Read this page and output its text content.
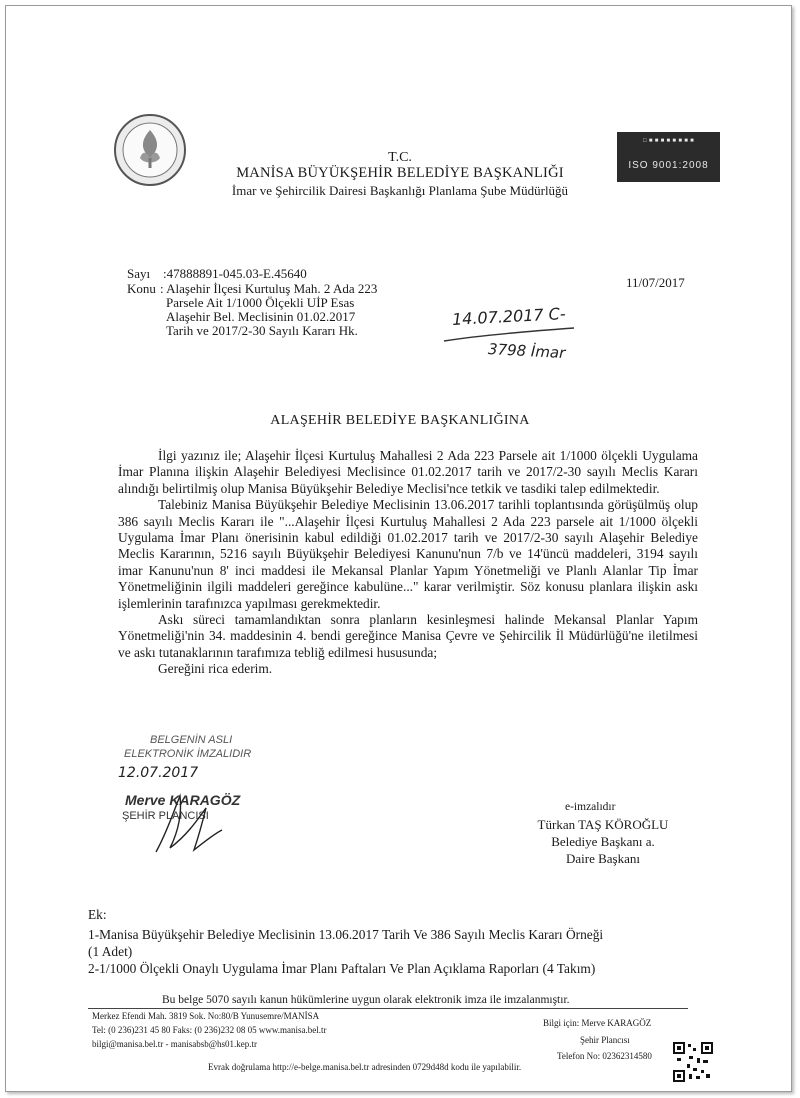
□ ■ ■ ■ ■ ■ ■ ■ ■
ISO 9001:2008
T.C.
MANİSA BÜYÜKŞEHİR BELEDİYE BAŞKANLIĞI
İmar ve Şehircilik Dairesi Başkanlığı Planlama Şube Müdürlüğü
Sayı :47888891-045.03-E.45640
11/07/2017
Konu : Alaşehir İlçesi Kurtuluş Mah. 2 Ada 223
Parsele Ait 1/1000 Ölçekli UİP Esas
Alaşehir Bel. Meclisinin 01.02.2017
Tarih ve 2017/2-30 Sayılı Kararı Hk.
14.07.2017 C-
3798 İmar
ALAŞEHİR BELEDİYE BAŞKANLIĞINA

İlgi yazınız ile; Alaşehir İlçesi Kurtuluş Mahallesi 2 Ada 223 Parsele ait 1/1000 ölçekli Uygulama İmar Planına ilişkin Alaşehir Belediyesi Meclisince 01.02.2017 tarih ve 2017/2-30 sayılı Meclis Kararı alındığı belirtilmiş olup Manisa Büyükşehir Belediye Meclisi'nce tetkik ve tasdiki talep edilmektedir.

Talebiniz Manisa Büyükşehir Belediye Meclisinin 13.06.2017 tarihli toplantısında görüşülmüş olup 386 sayılı Meclis Kararı ile "...Alaşehir İlçesi Kurtuluş Mahallesi 2 Ada 223 parsele ait 1/1000 ölçekli Uygulama İmar Planı önerisinin kabul edildiği 01.02.2017 tarih ve 2017/2-30 sayılı Alaşehir Belediye Meclis Kararının, 5216 sayılı Büyükşehir Belediyesi Kanunu'nun 7/b ve 14'üncü maddeleri, 3194 sayılı imar Kanunu'nun 8' inci maddesi ile Mekansal Planlar Yapım Yönetmeliği ve Planlı Alanlar Tip İmar Yönetmeliğinin ilgili maddeleri gereğince kabulüne..." karar verilmiştir. Söz konusu planlara ilişkin askı işlemlerinin tarafınızca yapılması gerekmektedir.

Askı süreci tamamlandıktan sonra planların kesinleşmesi halinde Mekansal Planlar Yapım Yönetmeliği'nin 34. maddesinin 4. bendi gereğince Manisa Çevre ve Şehircilik İl Müdürlüğü'ne iletilmesi ve askı tutanaklarının tarafımıza tebliğ edilmesi hususunda;

Gereğini rica ederim.

BELGENİN ASLI
ELEKTRONİK İMZALIDIR
12.07.2017
Merve KARAGÖZ
ŞEHİR PLANCISI
e-imzalıdır
Türkan TAŞ KÖROĞLU
Belediye Başkanı a.
Daire Başkanı
Ek:
1-Manisa Büyükşehir Belediye Meclisinin 13.06.2017 Tarih Ve 386 Sayılı Meclis Kararı Örneği
(1 Adet)
2-1/1000 Ölçekli Onaylı Uygulama İmar Planı Paftaları Ve Plan Açıklama Raporları (4 Takım)
Bu belge 5070 sayılı kanun hükümlerine uygun olarak elektronik imza ile imzalanmıştır.
Merkez Efendi Mah. 3819 Sok. No:80/B Yunusemre/MANİSA
Tel: (0 236)231 45 80 Faks: (0 236)232 08 05 www.manisa.bel.tr
bilgi@manisa.bel.tr - manisabsb@hs01.kep.tr
Evrak doğrulama http://e-belge.manisa.bel.tr adresinden 0729d48d kodu ile yapılabilir.
Bilgi için: Merve KARAGÖZ
Şehir Plancısı
Telefon No: 02362314580
